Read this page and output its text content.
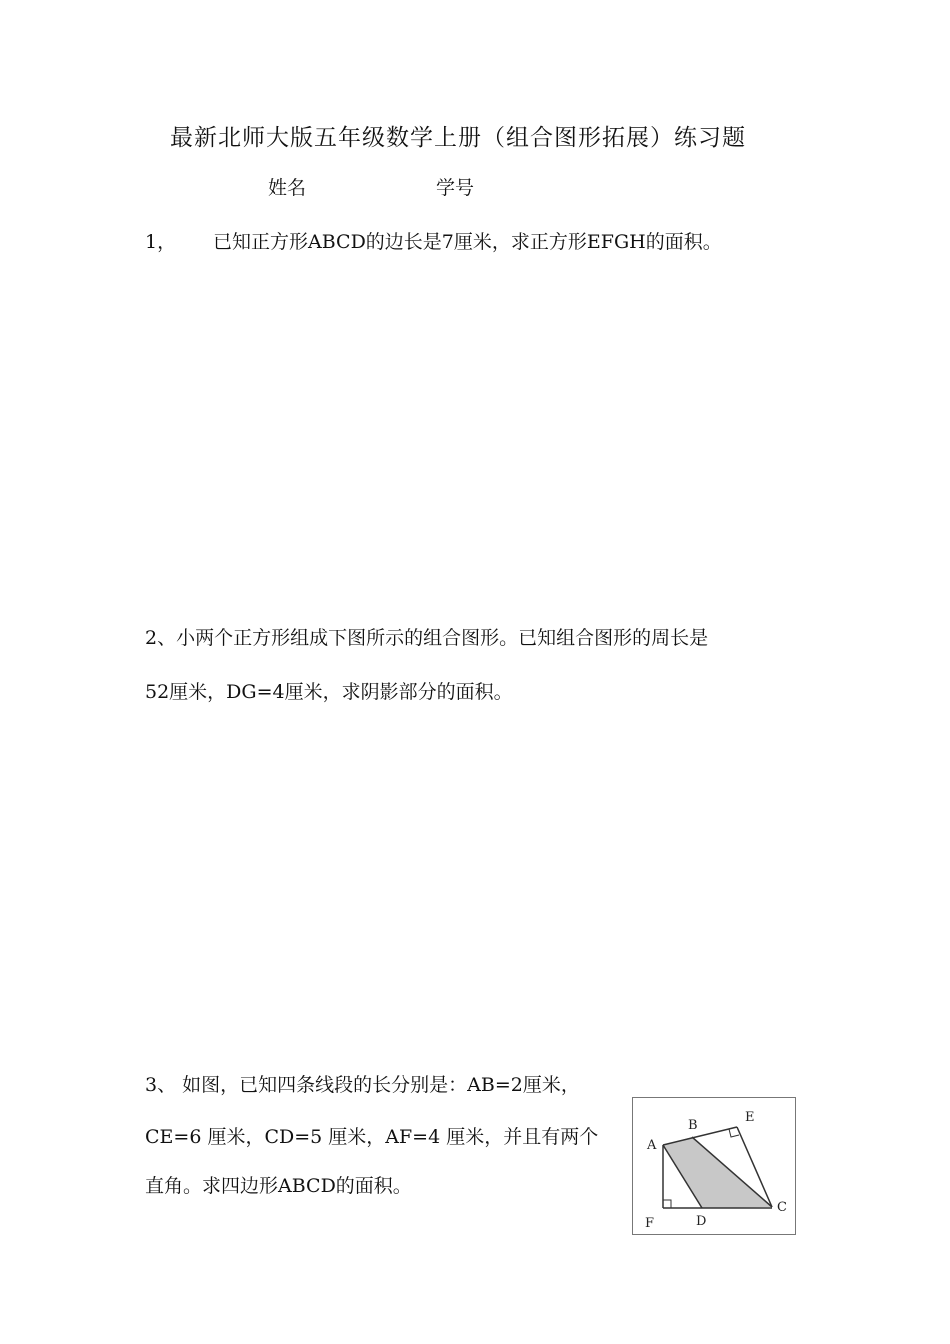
最新北师大版五年级数学上册（组合图形拓展）练习题
姓名	学号
1， 已知正方形ABCD的边长是7厘米，求正方形EFGH的面积。
2、小两个正方形组成下图所示的组合图形。已知组合图形的周长是
52厘米，DG=4厘米，求阴影部分的面积。
3、 如图，已知四条线段的长分别是：AB=2厘米，
CE=6 厘米，CD=5 厘米，AF=4 厘米，并且有两个
直角。求四边形ABCD的面积。
A
B
E
C
D
F
